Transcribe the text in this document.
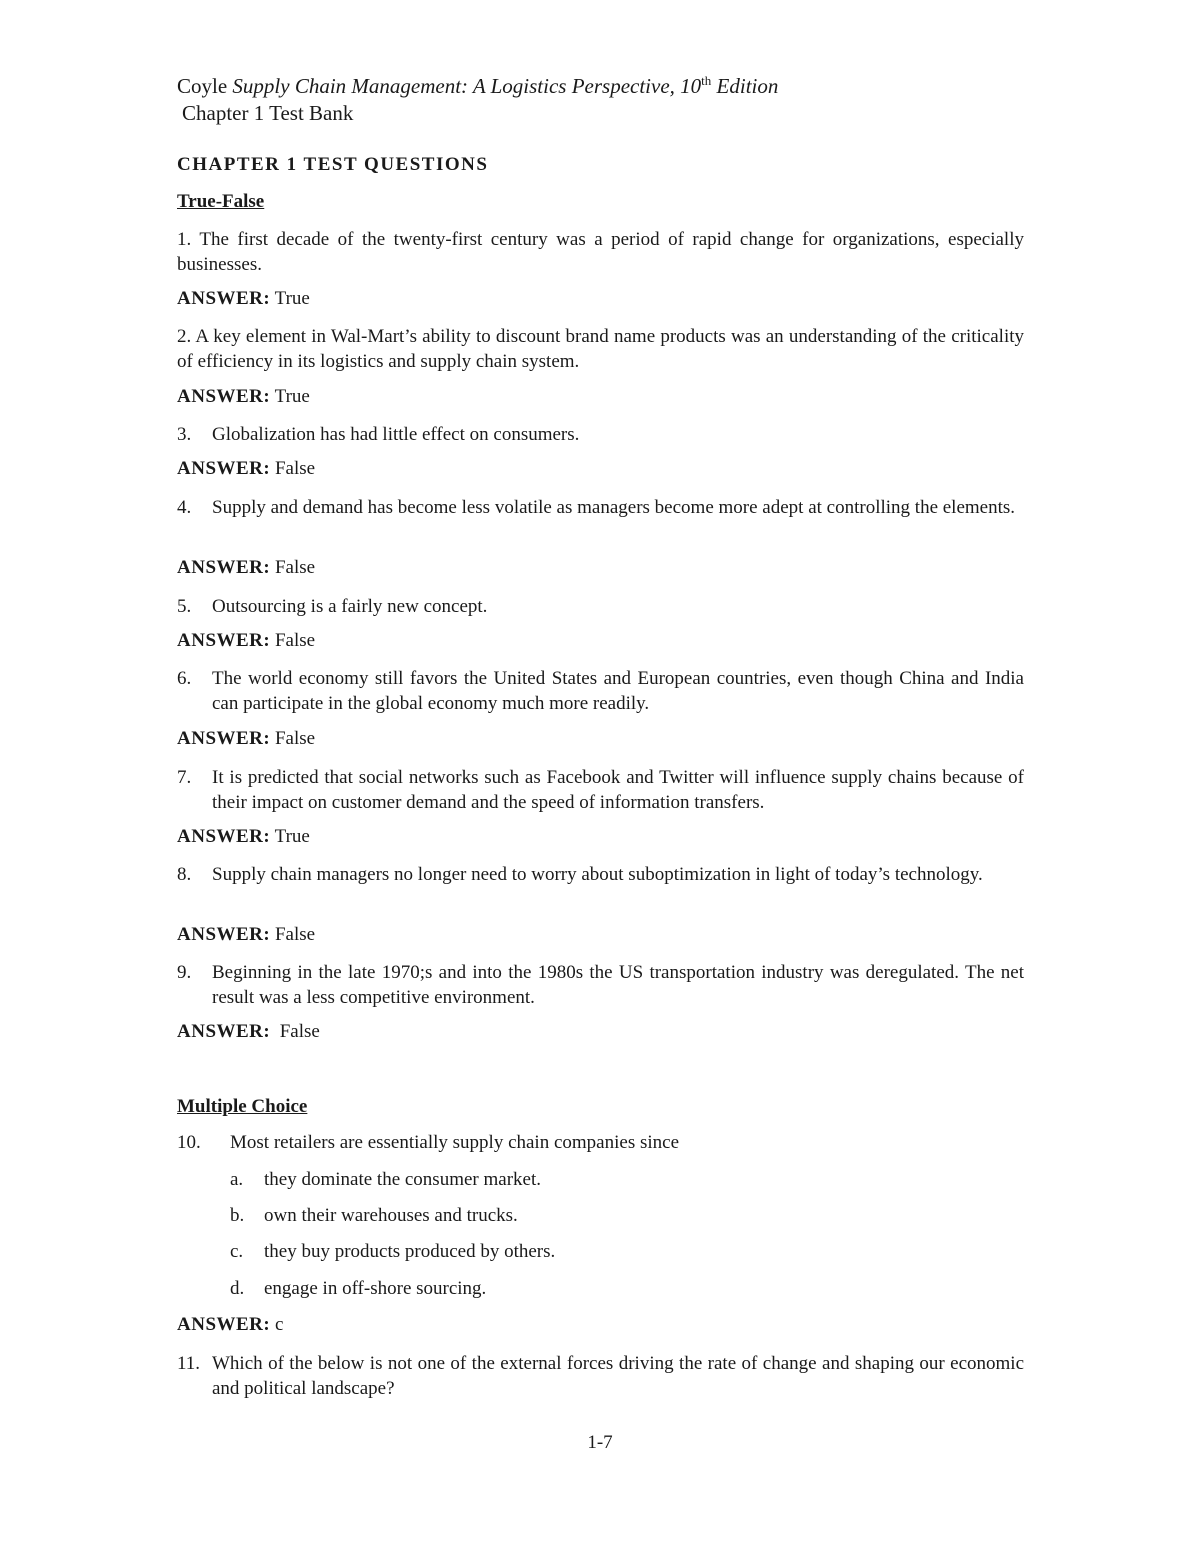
Coyle Supply Chain Management: A Logistics Perspective, 10th Edition
Chapter 1 Test Bank
CHAPTER 1 TEST QUESTIONS
True-False
1. The first decade of the twenty-first century was a period of rapid change for organizations, especially businesses.
ANSWER: True
2. A key element in Wal-Mart’s ability to discount brand name products was an understanding of the criticality of efficiency in its logistics and supply chain system.
ANSWER: True
3. Globalization has had little effect on consumers.
ANSWER: False
4. Supply and demand has become less volatile as managers become more adept at controlling the elements.
ANSWER: False
5. Outsourcing is a fairly new concept.
ANSWER: False
6. The world economy still favors the United States and European countries, even though China and India can participate in the global economy much more readily.
ANSWER: False
7. It is predicted that social networks such as Facebook and Twitter will influence supply chains because of their impact on customer demand and the speed of information transfers.
ANSWER: True
8. Supply chain managers no longer need to worry about suboptimization in light of today’s technology.
ANSWER: False
9. Beginning in the late 1970;s and into the 1980s the US transportation industry was deregulated. The net result was a less competitive environment.
ANSWER: False
Multiple Choice
10. Most retailers are essentially supply chain companies since
a. they dominate the consumer market.
b. own their warehouses and trucks.
c. they buy products produced by others.
d. engage in off-shore sourcing.
ANSWER: c
11. Which of the below is not one of the external forces driving the rate of change and shaping our economic and political landscape?
1-7
